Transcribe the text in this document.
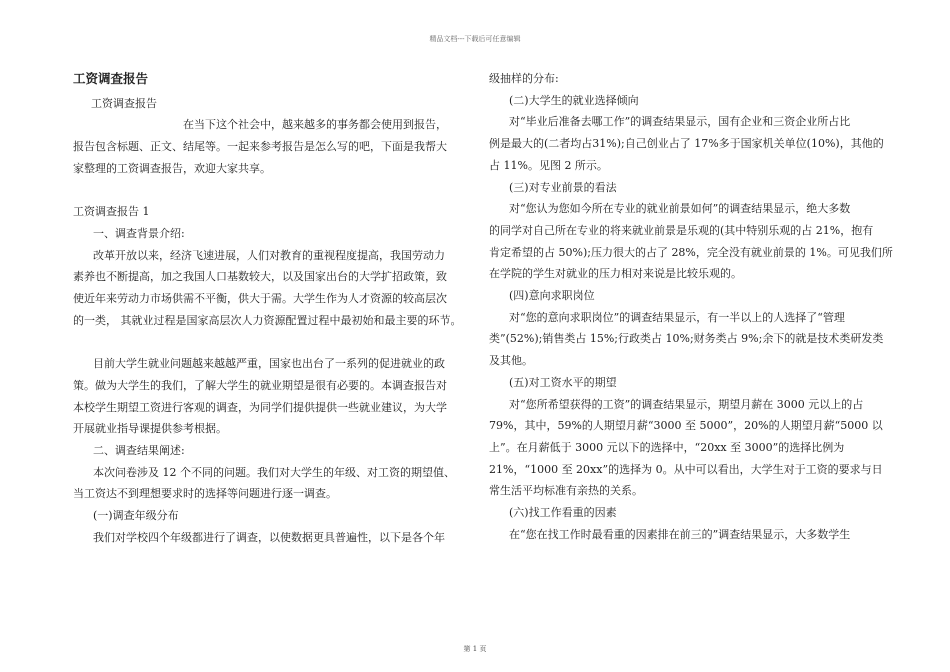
精品文档---下载后可任意编辑
工资调查报告
工资调查报告
在当下这个社会中，越来越多的事务都会使用到报告，
报告包含标题、正文、结尾等。一起来参考报告是怎么写的吧，下面是我帮大
家整理的工资调查报告，欢迎大家共享。
工资调查报告 1
一、调查背景介绍:
改革开放以来，经济飞速进展，人们对教育的重视程度提高，我国劳动力
素养也不断提高，加之我国人口基数较大，以及国家出台的大学扩招政策，致
使近年来劳动力市场供需不平衡，供大于需。大学生作为人才资源的较高层次
的一类， 其就业过程是国家高层次人力资源配置过程中最初始和最主要的环节。
目前大学生就业问题越来越越严重，国家也出台了一系列的促进就业的政
策。做为大学生的我们，了解大学生的就业期望是很有必要的。本调查报告对
本校学生期望工资进行客观的调查，为同学们提供提供一些就业建议，为大学
开展就业指导课提供参考根据。
二、调查结果阐述:
本次问卷涉及 12 个不同的问题。我们对大学生的年级、对工资的期望值、
当工资达不到理想要求时的选择等问题进行逐一调查。
(一)调查年级分布
我们对学校四个年级都进行了调查，以使数据更具普遍性，以下是各个年
级抽样的分布:
(二)大学生的就业选择倾向
对“毕业后准备去哪工作”的调查结果显示，国有企业和三资企业所占比
例是最大的(二者均占31%);自己创业占了 17%多于国家机关单位(10%)，其他的
占 11%。见图 2 所示。
(三)对专业前景的看法
对“您认为您如今所在专业的就业前景如何”的调查结果显示，绝大多数
的同学对自己所在专业的将来就业前景是乐观的(其中特别乐观的占 21%，抱有
肯定希望的占 50%);压力很大的占了 28%，完全没有就业前景的 1%。可见我们所
在学院的学生对就业的压力相对来说是比较乐观的。
(四)意向求职岗位
对“您的意向求职岗位”的调查结果显示，有一半以上的人选择了“管理
类”(52%);销售类占 15%;行政类占 10%;财务类占 9%;余下的就是技术类研发类
及其他。
(五)对工资水平的期望
对“您所希望获得的工资”的调查结果显示，期望月薪在 3000 元以上的占
79%，其中，59%的人期望月薪“3000 至 5000”，20%的人期望月薪“5000 以
上”。在月薪低于 3000 元以下的选择中，“20xx 至 3000”的选择比例为
21%，“1000 至 20xx”的选择为 0。从中可以看出，大学生对于工资的要求与日
常生活平均标准有亲热的关系。
(六)找工作看重的因素
在“您在找工作时最看重的因素排在前三的”调查结果显示，大多数学生
第 1 页
